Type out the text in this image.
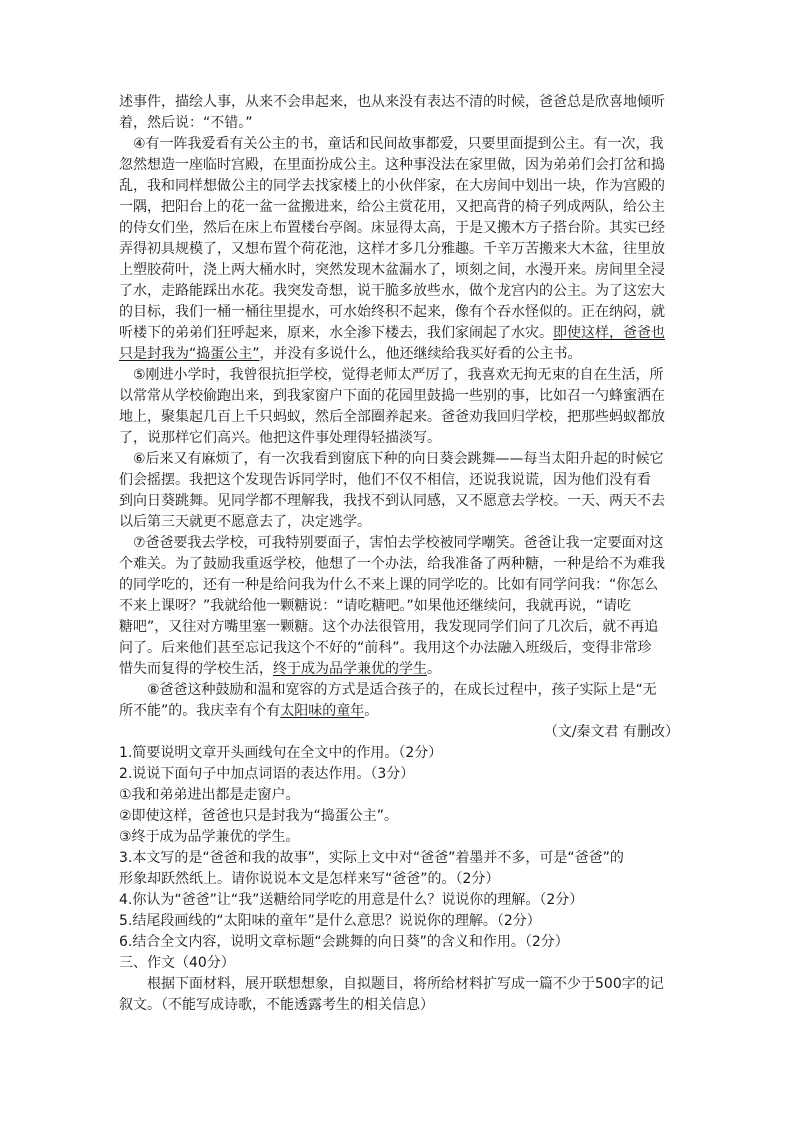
述事件，描绘人事，从来不会串起来，也从来没有表达不清的时候，爸爸总是欣喜地倾听
着，然后说：“不错。”
④有一阵我爱看有关公主的书，童话和民间故事都爱，只要里面提到公主。有一次，我
忽然想造一座临时宫殿，在里面扮成公主。这种事没法在家里做，因为弟弟们会打岔和捣
乱，我和同样想做公主的同学去找家楼上的小伙伴家，在大房间中划出一块，作为宫殿的
一隅，把阳台上的花一盆一盆搬进来，给公主赏花用，又把高背的椅子列成两队，给公主
的侍女们坐，然后在床上布置楼台亭阁。床显得太高，于是又搬木方子搭台阶。其实已经
弄得初具规模了，又想布置个荷花池，这样才多几分雅趣。千辛万苦搬来大木盆，往里放
上塑胶荷叶，浇上两大桶水时，突然发现木盆漏水了，顷刻之间，水漫开来。房间里全浸
了水，走路能踩出水花。我突发奇想，说干脆多放些水，做个龙宫内的公主。为了这宏大
的目标，我们一桶一桶往里提水，可水始终积不起来，像有个吞水怪似的。正在纳闷，就
听楼下的弟弟们狂呼起来，原来，水全渗下楼去，我们家闹起了水灾。即使这样，爸爸也
只是封我为“捣蛋公主”，并没有多说什么，他还继续给我买好看的公主书。
⑤刚进小学时，我曾很抗拒学校，觉得老师太严厉了，我喜欢无拘无束的自在生活，所
以常常从学校偷跑出来，到我家窗户下面的花园里鼓捣一些别的事，比如召一勺蜂蜜洒在
地上，聚集起几百上千只蚂蚁，然后全部圈养起来。爸爸劝我回归学校，把那些蚂蚁都放
了，说那样它们高兴。他把这件事处理得轻描淡写。
⑥后来又有麻烦了，有一次我看到窗底下种的向日葵会跳舞——每当太阳升起的时候它
们会摇摆。我把这个发现告诉同学时，他们不仅不相信，还说我说谎，因为他们没有看
到向日葵跳舞。见同学都不理解我，我找不到认同感，又不愿意去学校。一天、两天不去
以后第三天就更不愿意去了，决定逃学。
⑦爸爸要我去学校，可我特别要面子，害怕去学校被同学嘲笑。爸爸让我一定要面对这
个难关。为了鼓励我重返学校，他想了一个办法，给我准备了两种糖，一种是给不为难我
的同学吃的，还有一种是给问我为什么不来上课的同学吃的。比如有同学问我：“你怎么
不来上课呀？”我就给他一颗糖说：“请吃糖吧。”如果他还继续问，我就再说，“请吃
糖吧”，又往对方嘴里塞一颗糖。这个办法很管用，我发现同学们问了几次后，就不再追
问了。后来他们甚至忘记我这个不好的“前科”。我用这个办法融入班级后，变得非常珍
惜失而复得的学校生活，终于成为品学兼优的学生。
⑧爸爸这种鼓励和温和宽容的方式是适合孩子的，在成长过程中，孩子实际上是“无
所不能”的。我庆幸有个有太阳味的童年。
（文/秦文君 有删改）
1.简要说明文章开头画线句在全文中的作用。（2分）
2.说说下面句子中加点词语的表达作用。（3分）
①我和弟弟进出都是走窗户。
②即使这样，爸爸也只是封我为“捣蛋公主”。
③终于成为品学兼优的学生。
3.本文写的是“爸爸和我的故事”，实际上文中对“爸爸”着墨并不多，可是“爸爸”的
形象却跃然纸上。请你说说本文是怎样来写“爸爸”的。（2分）
4.你认为“爸爸”让“我”送糖给同学吃的用意是什么？说说你的理解。（2分）
5.结尾段画线的“太阳味的童年”是什么意思？说说你的理解。（2分）
6.结合全文内容，说明文章标题“会跳舞的向日葵”的含义和作用。（2分）
三、作文（40分）
根据下面材料，展开联想想象，自拟题目，将所给材料扩写成一篇不少于500字的记
叙文。（不能写成诗歌，不能透露考生的相关信息）
